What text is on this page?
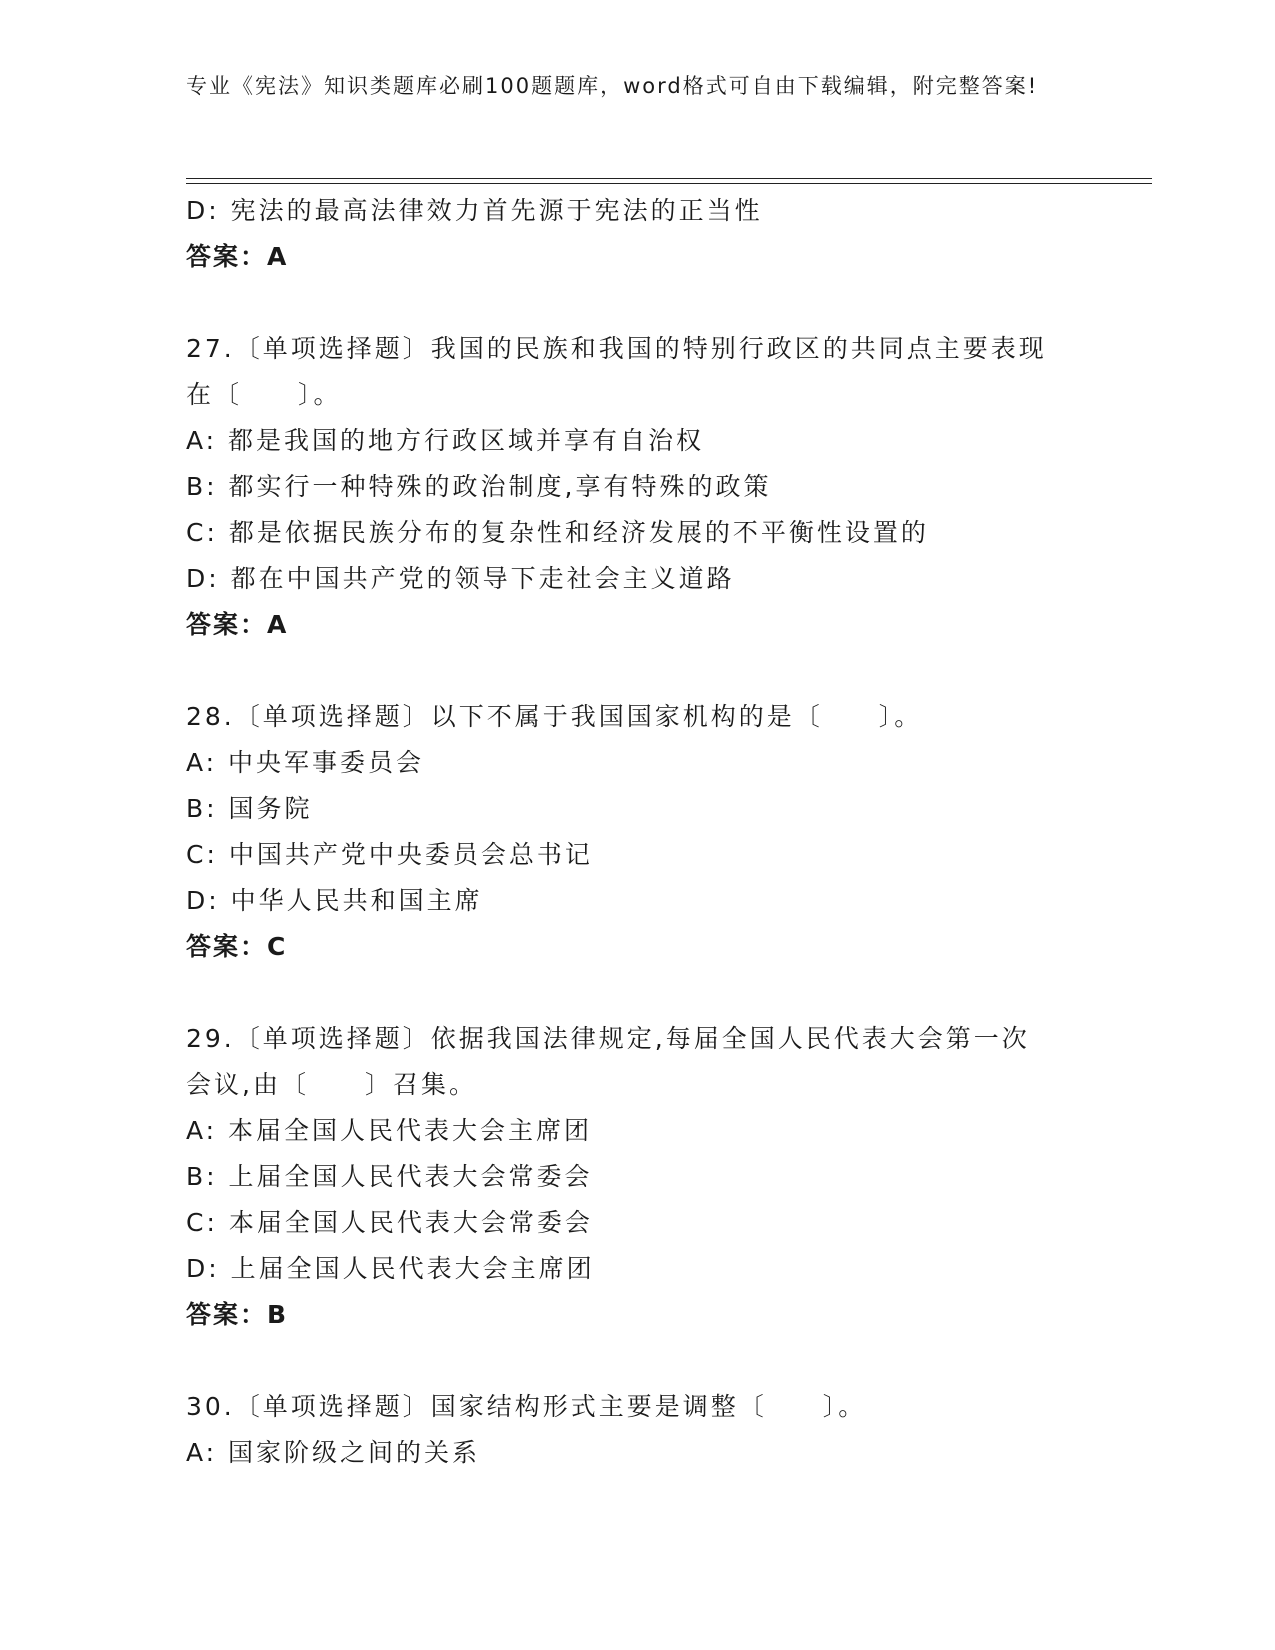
专业《宪法》知识类题库必刷100题题库，word格式可自由下载编辑，附完整答案!
D: 宪法的最高法律效力首先源于宪法的正当性
答案：A
27.〔单项选择题〕我国的民族和我国的特别行政区的共同点主要表现
在〔　　〕。
A: 都是我国的地方行政区域并享有自治权
B: 都实行一种特殊的政治制度,享有特殊的政策
C: 都是依据民族分布的复杂性和经济发展的不平衡性设置的
D: 都在中国共产党的领导下走社会主义道路
答案：A
28.〔单项选择题〕以下不属于我国国家机构的是〔　　〕。
A: 中央军事委员会
B: 国务院
C: 中国共产党中央委员会总书记
D: 中华人民共和国主席
答案：C
29.〔单项选择题〕依据我国法律规定,每届全国人民代表大会第一次
会议,由〔　　〕召集。
A: 本届全国人民代表大会主席团
B: 上届全国人民代表大会常委会
C: 本届全国人民代表大会常委会
D: 上届全国人民代表大会主席团
答案：B
30.〔单项选择题〕国家结构形式主要是调整〔　　〕。
A: 国家阶级之间的关系
